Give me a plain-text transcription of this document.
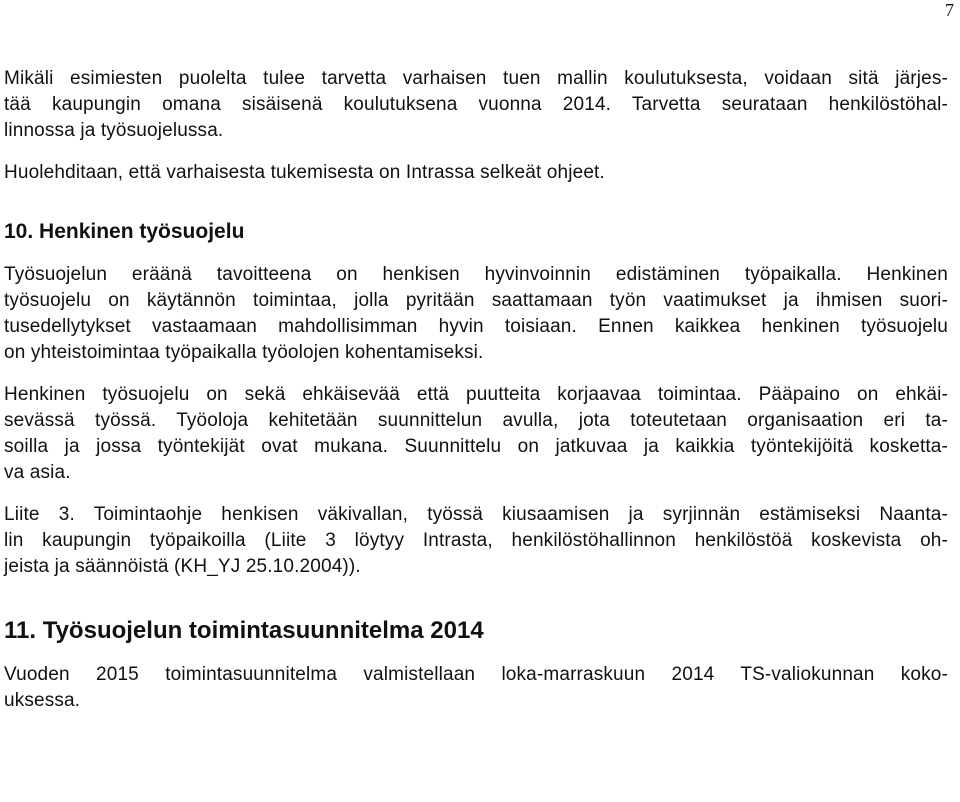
7
Mikäli esimiesten puolelta tulee tarvetta varhaisen tuen mallin koulutuksesta, voidaan sitä järjes-
tää kaupungin omana sisäisenä koulutuksena vuonna 2014. Tarvetta seurataan henkilöstöhal-
linnossa ja työsuojelussa.
Huolehditaan, että varhaisesta tukemisesta on Intrassa selkeät ohjeet.
10. Henkinen työsuojelu
Työsuojelun eräänä tavoitteena on henkisen hyvinvoinnin edistäminen työpaikalla. Henkinen
työsuojelu on käytännön toimintaa, jolla pyritään saattamaan työn vaatimukset ja ihmisen suori-
tusedellytykset vastaamaan mahdollisimman hyvin toisiaan. Ennen kaikkea henkinen työsuojelu
on yhteistoimintaa työpaikalla työolojen kohentamiseksi.
Henkinen työsuojelu on sekä ehkäisevää että puutteita korjaavaa toimintaa. Pääpaino on ehkäi-
sevässä työssä. Työoloja kehitetään suunnittelun avulla, jota toteutetaan organisaation eri ta-
soilla ja jossa työntekijät ovat mukana. Suunnittelu on jatkuvaa ja kaikkia työntekijöitä kosketta-
va asia.
Liite 3. Toimintaohje henkisen väkivallan, työssä kiusaamisen ja syrjinnän estämiseksi Naanta-
lin kaupungin työpaikoilla (Liite 3 löytyy Intrasta, henkilöstöhallinnon henkilöstöä koskevista oh-
jeista ja säännöistä (KH_YJ 25.10.2004)).
11. Työsuojelun toimintasuunnitelma 2014
Vuoden 2015 toimintasuunnitelma valmistellaan loka-marraskuun 2014 TS-valiokunnan koko-
uksessa.
